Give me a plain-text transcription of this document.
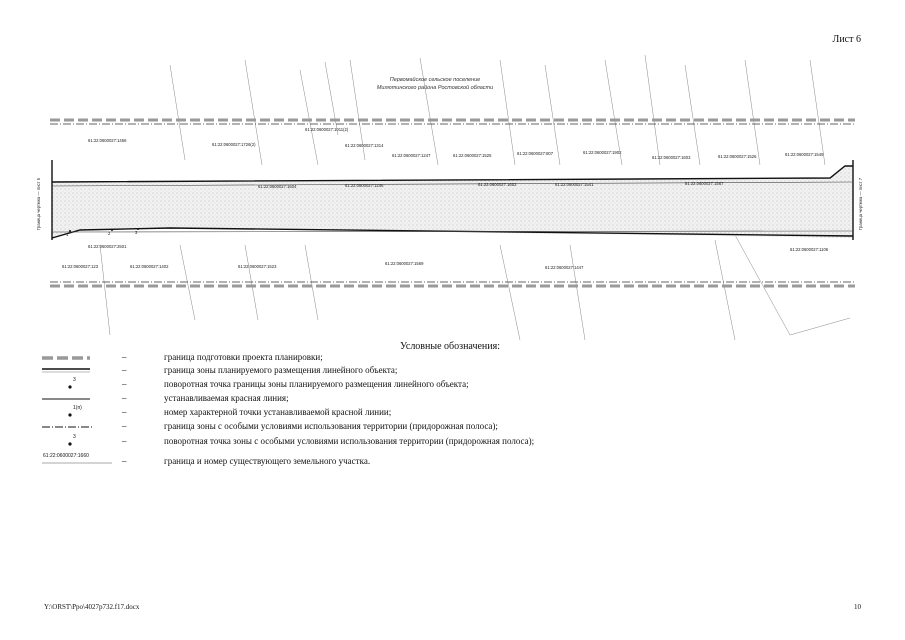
Лист 6
Первомайское сельское поселение
Милютинского района Ростовской области
61:22:0600027:1456
61:22:0600027:1726(2)
61:22:0600027:1011(2)
61:22:0600027:1314
61:22:0600027:1247	61:22:0600027:1525	61:22:0600027:807	61:22:0600027:1902
61:22:0600027:1603	61:22:0600027:1526	61:22:0600027:1549
61:22:0600027:1604	61:22:0600027:1246	61:22:0600027:1602	61:22:0600027:1541	61:22:0600027:1567
61:22:0600027:2501
61:22:0600027:123	61:22:0600027:1402	61:22:0600027:1523
61:22:0600027:1569
61:22:0600027:1447
61:22:0600027:1106
1	2	3
Граница чертежа — лист 5	Граница чертежа — лист 7
Условные обозначения:
–	граница подготовки проекта планировки;
–	граница зоны планируемого размещения линейного объекта;
3	–	поворотная точка границы зоны планируемого размещения линейного объекта;
–	устанавливаемая красная линия;
1(п)	–	номер характерной точки устанавливаемой красной линии;
–	граница зоны с особыми условиями использования территории (придорожная полоса);
3	–	поворотная точка зоны с особыми условиями использования территории (придорожная полоса);
61:22:0600027:1660	–	граница и номер существующего земельного участка.
Y:\ORST\Ppo\4027p732.f17.docx	10
